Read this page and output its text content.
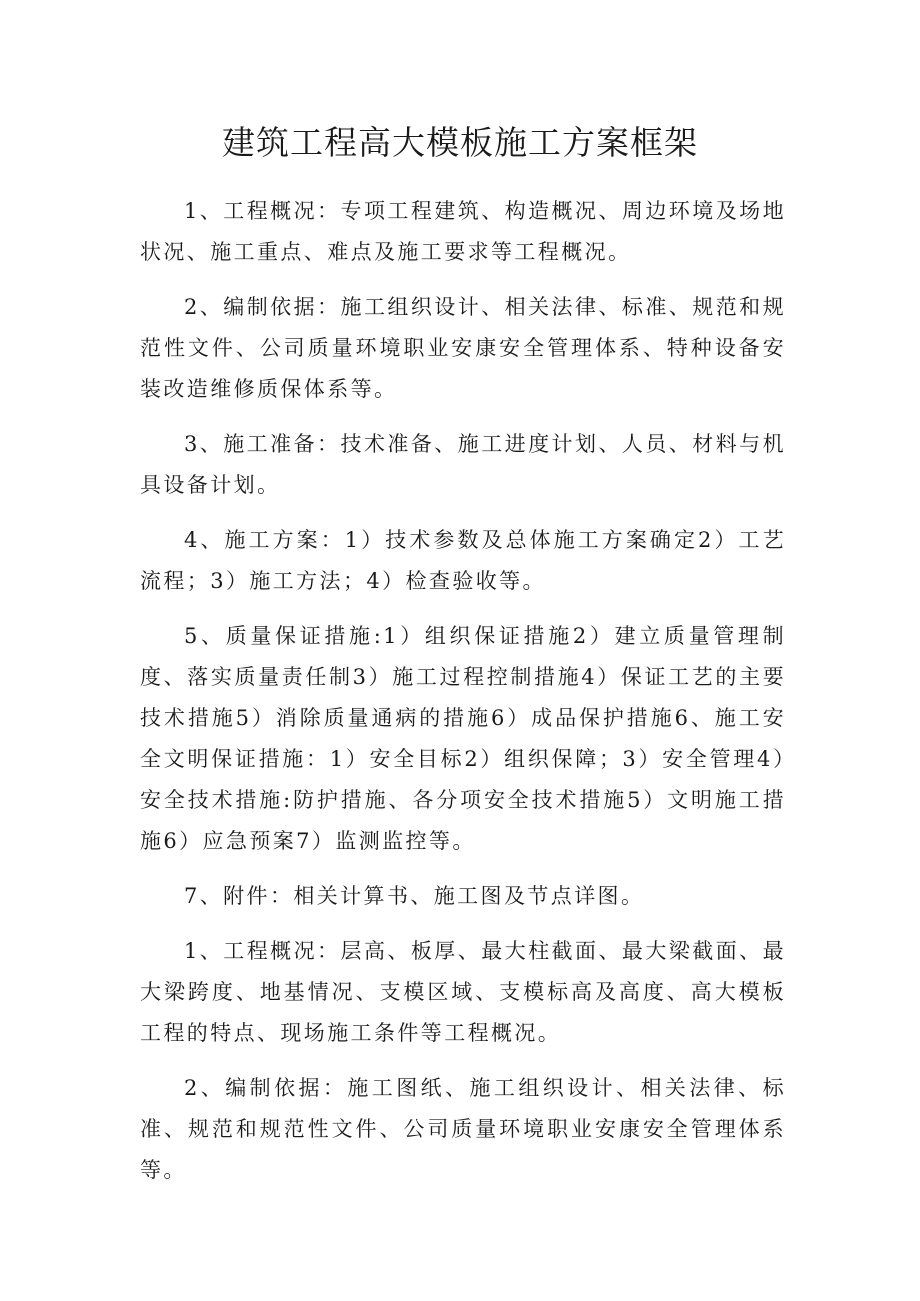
建筑工程高大模板施工方案框架

1、工程概况：专项工程建筑、构造概况、周边环境及场地状况、施工重点、难点及施工要求等工程概况。

2、编制依据：施工组织设计、相关法律、标准、规范和规范性文件、公司质量环境职业安康安全管理体系、特种设备安装改造维修质保体系等。

3、施工准备：技术准备、施工进度计划、人员、材料与机具设备计划。

4、施工方案：1）技术参数及总体施工方案确定2）工艺流程；3）施工方法；4）检查验收等。

5、质量保证措施:1）组织保证措施2）建立质量管理制度、落实质量责任制3）施工过程控制措施4）保证工艺的主要技术措施5）消除质量通病的措施6）成品保护措施6、施工安全文明保证措施：1）安全目标2）组织保障；3）安全管理4）安全技术措施:防护措施、各分项安全技术措施5）文明施工措施6）应急预案7）监测监控等。

7、附件：相关计算书、施工图及节点详图。

1、工程概况：层高、板厚、最大柱截面、最大梁截面、最大梁跨度、地基情况、支模区域、支模标高及高度、高大模板工程的特点、现场施工条件等工程概况。

2、编制依据：施工图纸、施工组织设计、相关法律、标准、规范和规范性文件、公司质量环境职业安康安全管理体系等。
